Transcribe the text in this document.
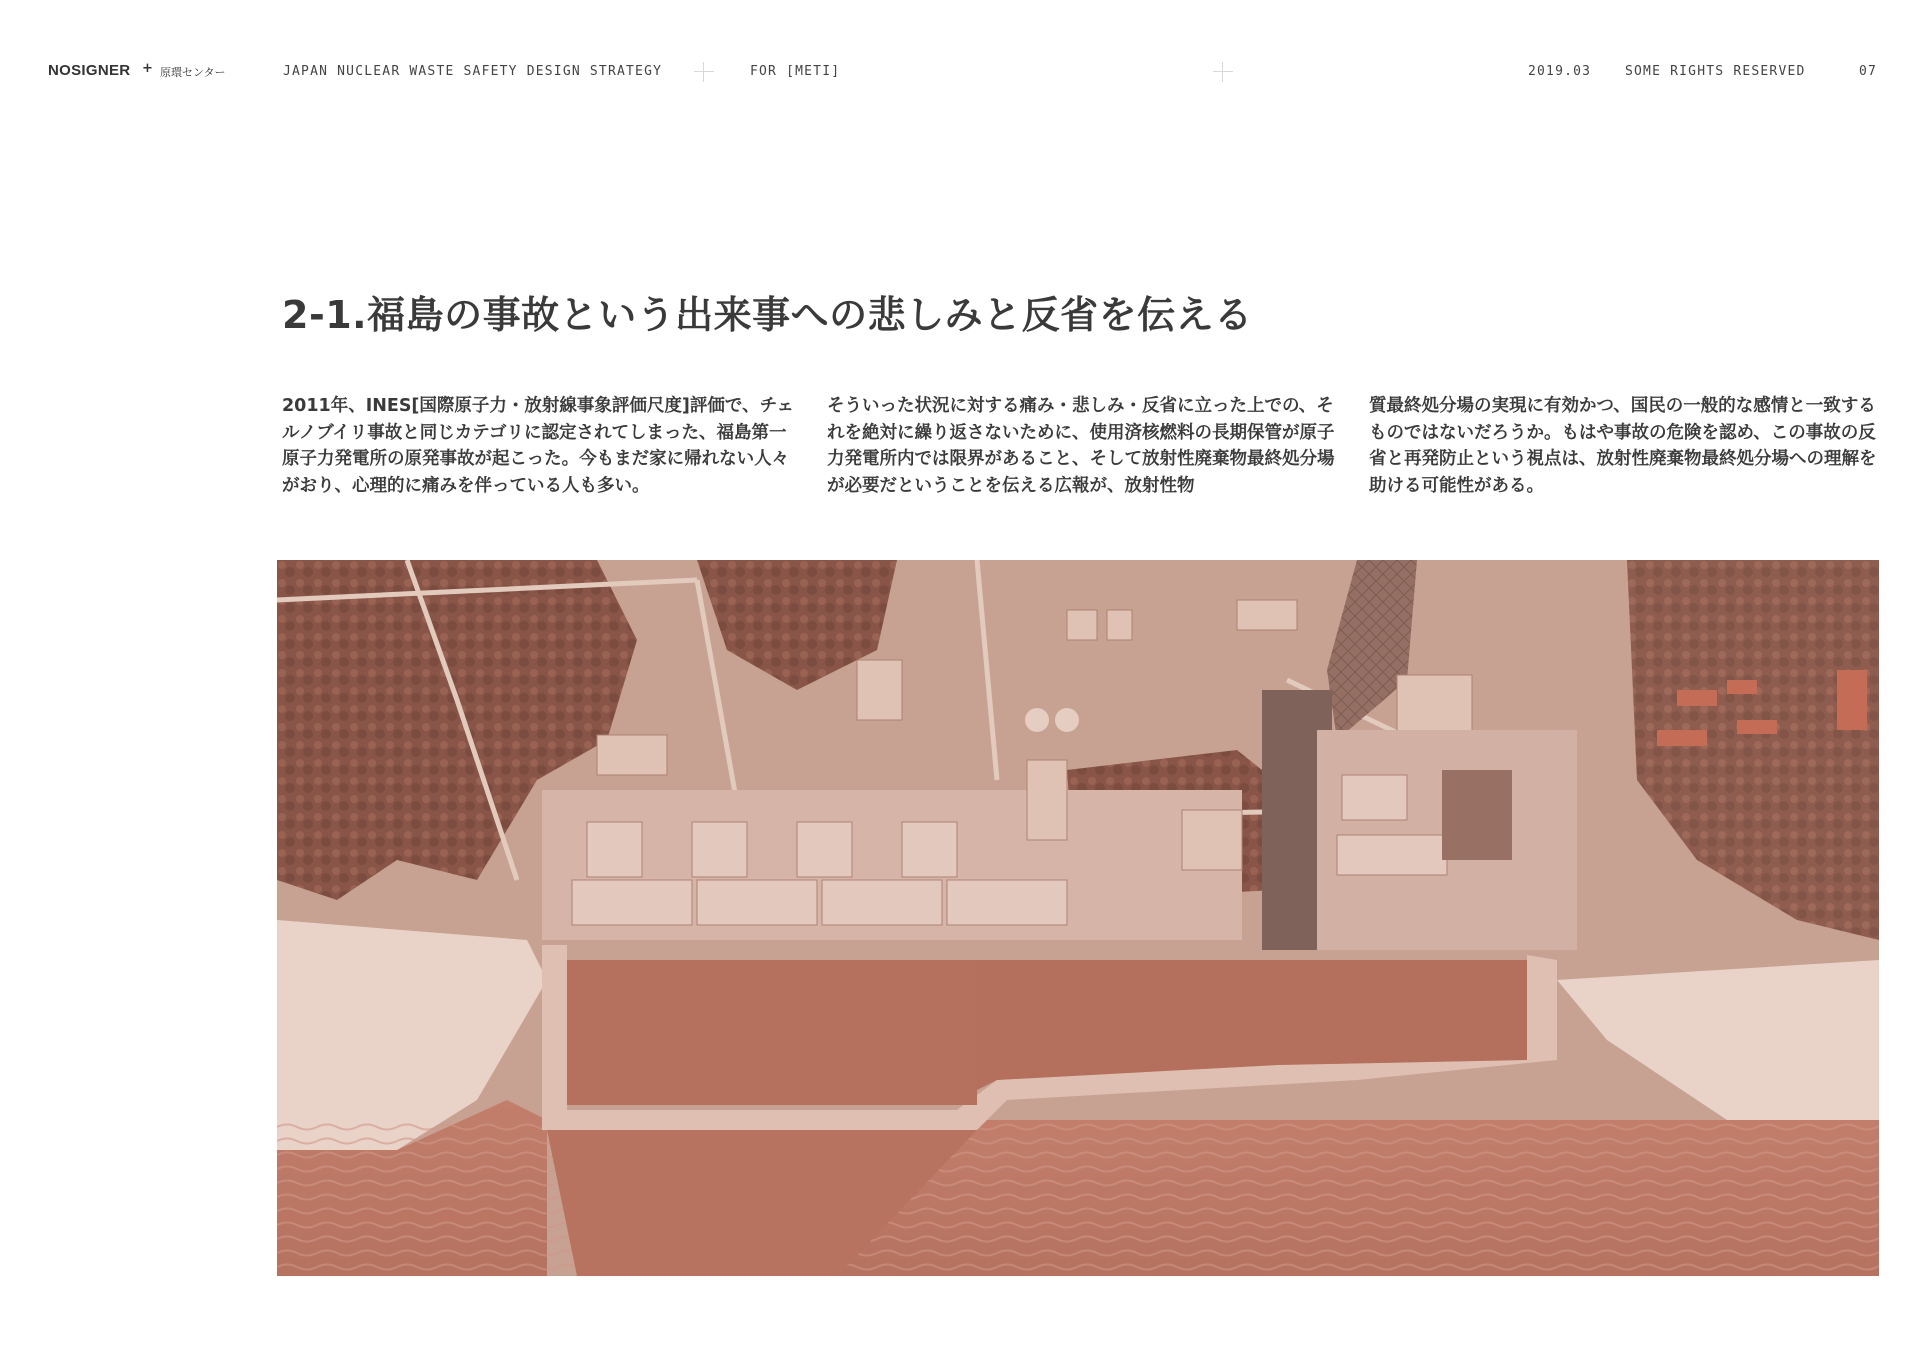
NOSIGNER + 原環センター	JAPAN NUCLEAR WASTE SAFETY DESIGN STRATEGY	FOR [METI]	2019.03	SOME RIGHTS RESERVED	07
2-1.福島の事故という出来事への悲しみと反省を伝える

2011年、INES[国際原子力・放射線事象評価尺度]評価で、チェルノブイリ事故と同じカテゴリに認定されてしまった、福島第一原子力発電所の原発事故が起こった。今もまだ家に帰れない人々がおり、心理的に痛みを伴っている人も多い。

そういった状況に対する痛み・悲しみ・反省に立った上での、それを絶対に繰り返さないために、使用済核燃料の長期保管が原子力発電所内では限界があること、そして放射性廃棄物最終処分場が必要だということを伝える広報が、放射性物

質最終処分場の実現に有効かつ、国民の一般的な感情と一致するものではないだろうか。もはや事故の危険を認め、この事故の反省と再発防止という視点は、放射性廃棄物最終処分場への理解を助ける可能性がある。
